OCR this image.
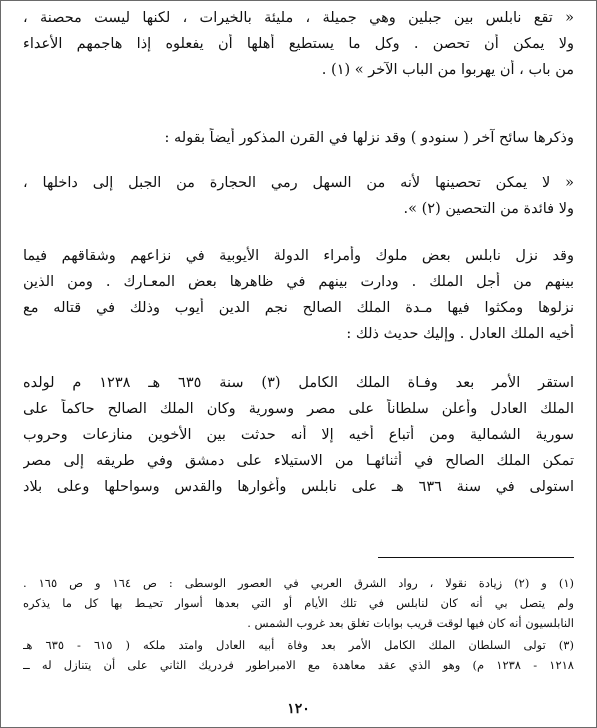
« تقع نابلس بين جبلين وهي جميلة ، مليئة بالخيرات ، لكنها ليست محصنة ،
ولا يمكن أن تحصن . وكل ما يستطيع أهلها أن يفعلوه إذا هاجمهم الأعداء
من باب ، أن يهربوا من الباب الآخر » (١) .
وذكرها سائح آخر ( سنودو ) وقد نزلها في القرن المذكور أيضاً بقوله :
« لا يمكن تحصينها لأنه من السهل رمي الحجارة من الجبل إلى داخلها ،
ولا فائدة من التحصين (٢) ».
وقد نزل نابلس بعض ملوك وأمراء الدولة الأيوبية في نزاعهم وشقاقهم فيما
بينهم من أجل الملك . ودارت بينهم في ظاهرها بعض المعـارك . ومن الذين
نزلوها ومكثوا فيها مـدة الملك الصالح نجم الدين أيوب وذلك في قتاله مع
أخيه الملك العادل . وإليك حديث ذلك :
استقر الأمر بعد وفـاة الملك الكامل (٣) سنة ٦٣٥ هـ ١٢٣٨ م لولده
الملك العادل وأعلن سلطاناً على مصر وسورية وكان الملك الصالح حاكماً على
سورية الشمالية ومن أتباع أخيه إلا أنه حدثت بين الأخوين منازعات وحروب
تمكن الملك الصالح في أثنائهـا من الاستيلاء على دمشق وفي طريقه إلى مصر
استولى في سنة ٦٣٦ هـ على نابلس وأغوارها والقدس وسواحلها وعلى بلاد
(١) و (٢) زيادة نقولا ، رواد الشرق العربي في العصور الوسطى : ص ١٦٤ و ص ١٦٥ .
ولم يتصل بي أنه كان لنابلس في تلك الأيام أو التي بعدها أسوار تحيـط بها كل ما يذكره
النابلسيون أنه كان فيها لوقت قريب بوابات تغلق بعد غروب الشمس .
(٣) تولى السلطان الملك الكامل الأمر بعد وفاة أبيه العادل وامتد ملكه ( ٦١٥ - ٦٣٥ هـ
١٢١٨ - ١٢٣٨ م) وهو الذي عقد معاهدة مع الامبراطور فردريك الثاني على أن يتنازل له ــ
١٢٠
